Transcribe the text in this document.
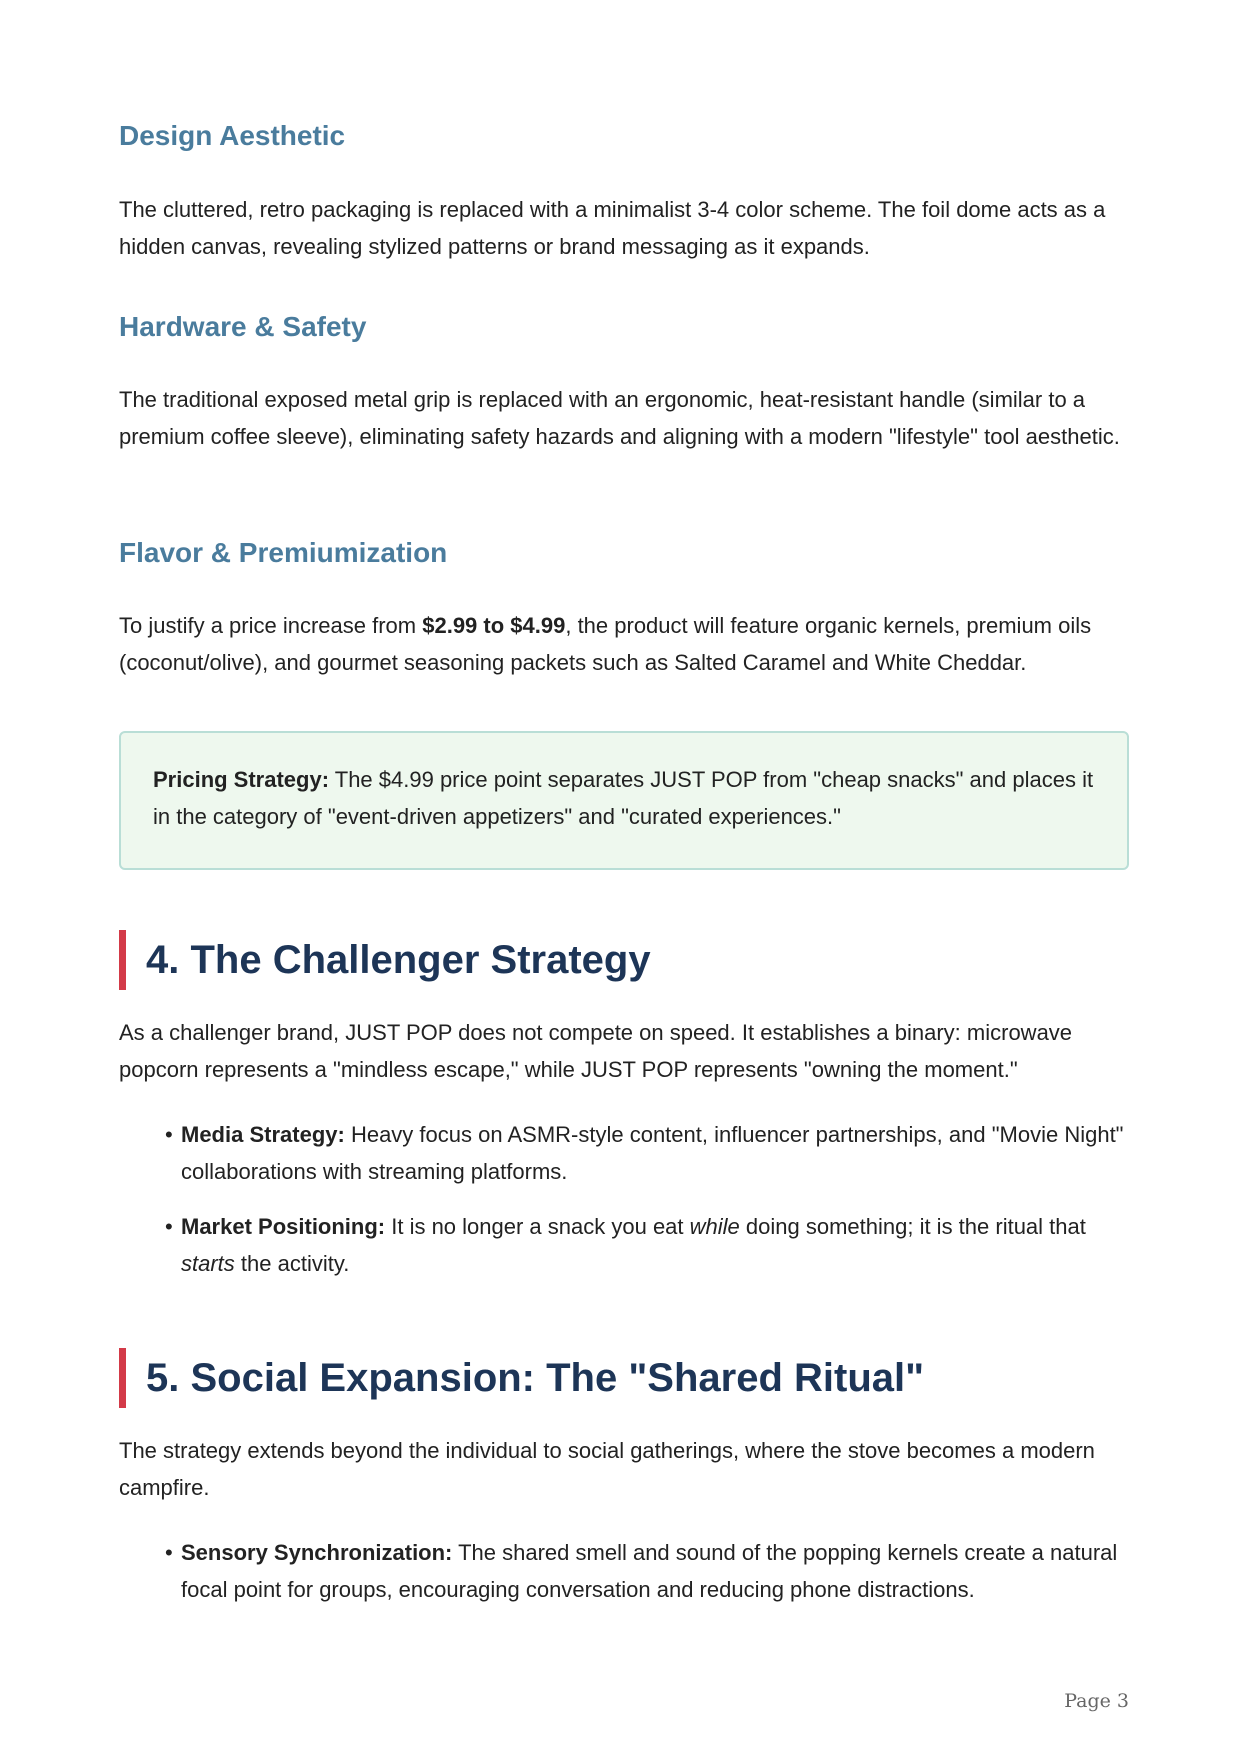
Design Aesthetic

The cluttered, retro packaging is replaced with a minimalist 3-4 color scheme. The foil dome acts as a hidden canvas, revealing stylized patterns or brand messaging as it expands.

Hardware & Safety

The traditional exposed metal grip is replaced with an ergonomic, heat-resistant handle (similar to a premium coffee sleeve), eliminating safety hazards and aligning with a modern "lifestyle" tool aesthetic.

Flavor & Premiumization

To justify a price increase from $2.99 to $4.99, the product will feature organic kernels, premium oils (coconut/olive), and gourmet seasoning packets such as Salted Caramel and White Cheddar.

Pricing Strategy: The $4.99 price point separates JUST POP from "cheap snacks" and places it in the category of "event-driven appetizers" and "curated experiences."
4. The Challenger Strategy

As a challenger brand, JUST POP does not compete on speed. It establishes a binary: microwave popcorn represents a "mindless escape," while JUST POP represents "owning the moment."

• Media Strategy: Heavy focus on ASMR-style content, influencer partnerships, and "Movie Night" collaborations with streaming platforms.
• Market Positioning: It is no longer a snack you eat while doing something; it is the ritual that starts the activity.
5. Social Expansion: The "Shared Ritual"

The strategy extends beyond the individual to social gatherings, where the stove becomes a modern campfire.

• Sensory Synchronization: The shared smell and sound of the popping kernels create a natural focal point for groups, encouraging conversation and reducing phone distractions.
Page 3
